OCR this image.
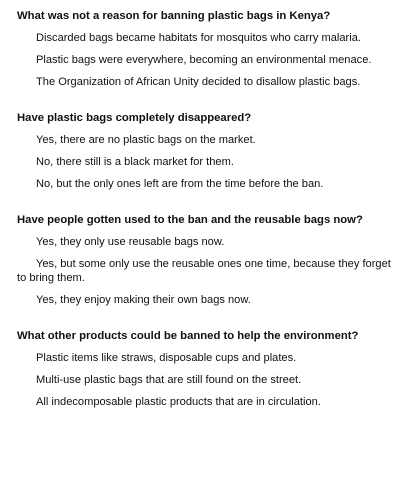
What was not a reason for banning plastic bags in Kenya?
Discarded bags became habitats for mosquitos who carry malaria.
Plastic bags were everywhere, becoming an environmental menace.
The Organization of African Unity decided to disallow plastic bags.
Have plastic bags completely disappeared?
Yes, there are no plastic bags on the market.
No, there still is a black market for them.
No, but the only ones left are from the time before the ban.
Have people gotten used to the ban and the reusable bags now?
Yes, they only use reusable bags now.
Yes, but some only use the reusable ones one time, because they forget to bring them.
Yes, they enjoy making their own bags now.
What other products could be banned to help the environment?
Plastic items like straws, disposable cups and plates.
Multi-use plastic bags that are still found on the street.
All indecomposable plastic products that are in circulation.
